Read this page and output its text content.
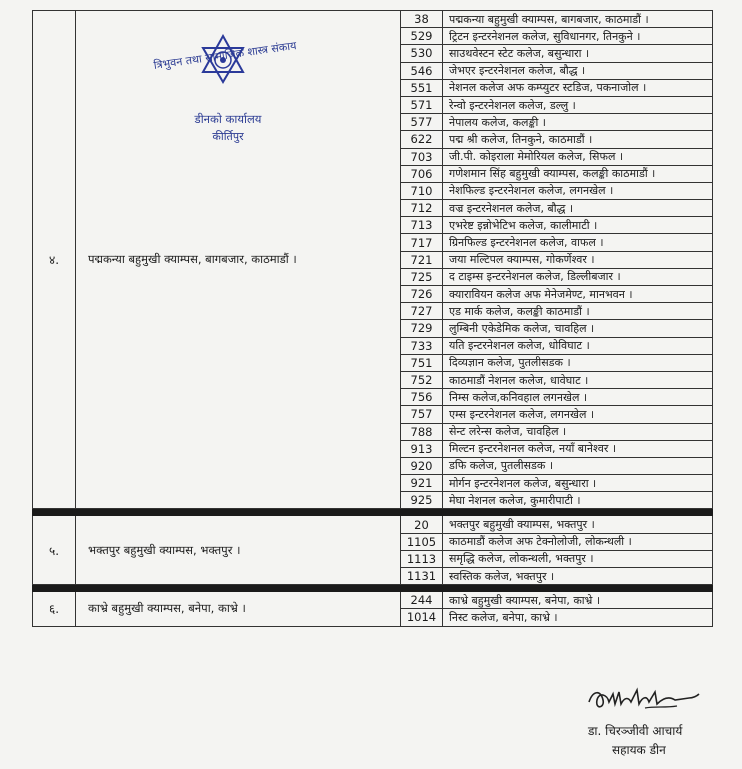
४.	पद्मकन्या बहुमुखी क्याम्पस, बागबजार, काठमाडौं ।	38	पद्मकन्या बहुमुखी क्याम्पस, बागबजार, काठमाडौं ।
		529	ट्रिटन इन्टरनेशनल कलेज, सुविधानगर, तिनकुने ।
		530	साउथवेस्टन स्टेट कलेज, बसुन्धारा ।
		546	जेभएर इन्टरनेशनल कलेज, बौद्ध ।
		551	नेशनल कलेज अफ कम्प्युटर स्टडिज, पकनाजोल ।
		571	रेन्वो इन्टरनेशनल कलेज, डल्लु ।
		577	नेपालय कलेज, कलङ्की ।
		622	पद्म श्री कलेज, तिनकुने, काठमाडौं ।
		703	जी.पी. कोइराला मेमोरियल कलेज, सिफल ।
		706	गणेशमान सिंह बहुमुखी क्याम्पस, कलङ्की काठमाडौं ।
		710	नेशफिल्ड इन्टरनेशनल कलेज, लगनखेल ।
		712	वज्र इन्टरनेशनल कलेज, बौद्ध ।
		713	एभरेष्ट इन्नोभेटिभ कलेज, कालीमाटी ।
		717	ग्रिनफिल्ड इन्टरनेशनल कलेज, वाफल ।
		721	जया मल्टिपल क्याम्पस, गोकर्णेश्वर ।
		725	द टाइम्स इन्टरनेशनल कलेज, डिल्लीबजार ।
		726	क्यारावियन कलेज अफ मेनेजमेण्ट, मानभवन ।
		727	एड मार्क कलेज, कलङ्की काठमाडौं ।
		729	लुम्बिनी एकेडेमिक कलेज, चावहिल ।
		733	यति इन्टरनेशनल कलेज, धोविघाट ।
		751	दिव्यज्ञान कलेज, पुतलीसडक ।
		752	काठमाडौं नेशनल कलेज, धावेघाट ।
		756	निम्स कलेज,कनिवहाल लगनखेल ।
		757	एम्स इन्टरनेशनल कलेज, लगनखेल ।
		788	सेन्ट लरेन्स कलेज, चावहिल ।
		913	मिल्टन इन्टरनेशनल कलेज, नयाँ बानेश्वर ।
		920	डफि कलेज, पुतलीसडक ।
		921	मोर्गन इन्टरनेशनल कलेज, बसुन्धारा ।
		925	मेघा नेशनल कलेज, कुमारीपाटी ।

५.	भक्तपुर बहुमुखी क्याम्पस, भक्तपुर ।	20	भक्तपुर बहुमुखी क्याम्पस, भक्तपुर ।
		1105	काठमाडौं कलेज अफ टेक्नोलोजी, लोकन्थली ।
		1113	समृद्धि कलेज, लोकन्थली, भक्तपुर ।
		1131	स्वस्तिक कलेज, भक्तपुर ।

६.	काभ्रे बहुमुखी क्याम्पस, बनेपा, काभ्रे ।	244	काभ्रे बहुमुखी क्याम्पस, बनेपा, काभ्रे ।
		1014	निस्ट कलेज, बनेपा, काभ्रे ।
त्रिभुवन तथा सामाजिक शास्त्र संकाय
डीनको कार्यालय
कीर्तिपुर
डा. चिरञ्जीवी आचार्य
सहायक डीन
